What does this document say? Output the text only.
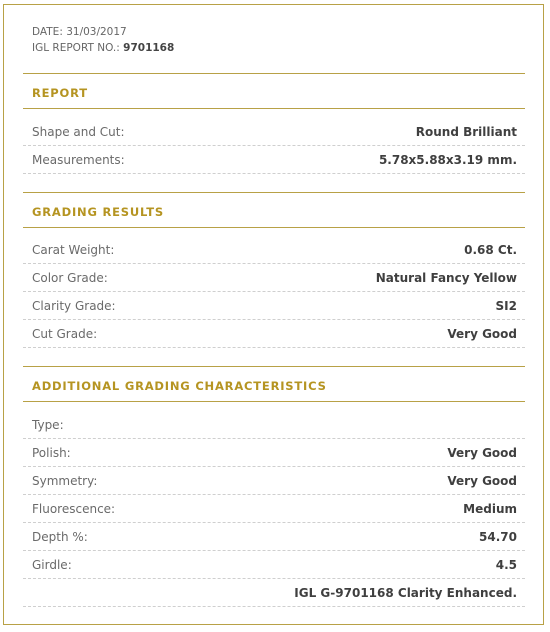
DATE: 31/03/2017
IGL REPORT NO.: 9701168
REPORT
Shape and Cut:	Round Brilliant
Measurements:	5.78x5.88x3.19 mm.
GRADING RESULTS
Carat Weight:	0.68 Ct.
Color Grade:	Natural Fancy Yellow
Clarity Grade:	SI2
Cut Grade:	Very Good
ADDITIONAL GRADING CHARACTERISTICS
Type:
Polish:	Very Good
Symmetry:	Very Good
Fluorescence:	Medium
Depth %:	54.70
Girdle:	4.5
IGL G-9701168 Clarity Enhanced.
